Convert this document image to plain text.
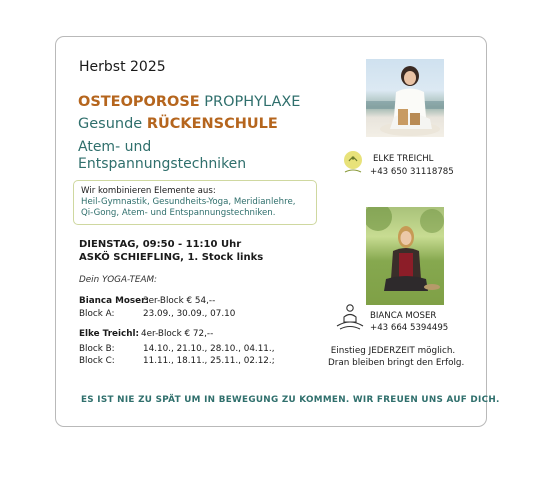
Herbst 2025
OSTEOPOROSE PROPHYLAXE
Gesunde RÜCKENSCHULE
Atem- und
Entspannungstechniken
Wir kombinieren Elemente aus:
Heil-Gymnastik, Gesundheits-Yoga, Meridianlehre,
Qi-Gong, Atem- und Entspannungstechniken.
DIENSTAG, 09:50 - 11:10 Uhr
ASKÖ SCHIEFLING, 1. Stock links
Dein YOGA-TEAM:
Bianca Moser:
3er-Block € 54,--
Block A:	23.09., 30.09., 07.10
Elke Treichl: 4er-Block € 72,--
Block B:	14.10., 21.10., 28.10., 04.11.,
Block C:	11.11., 18.11., 25.11., 02.12.;
ELKE TREICHL
+43 650 31118785
BIANCA MOSER
+43 664 5394495
Einstieg JEDERZEIT möglich.
Dran bleiben bringt den Erfolg.
ES IST NIE ZU SPÄT UM IN BEWEGUNG ZU KOMMEN. WIR FREUEN UNS AUF DICH.
